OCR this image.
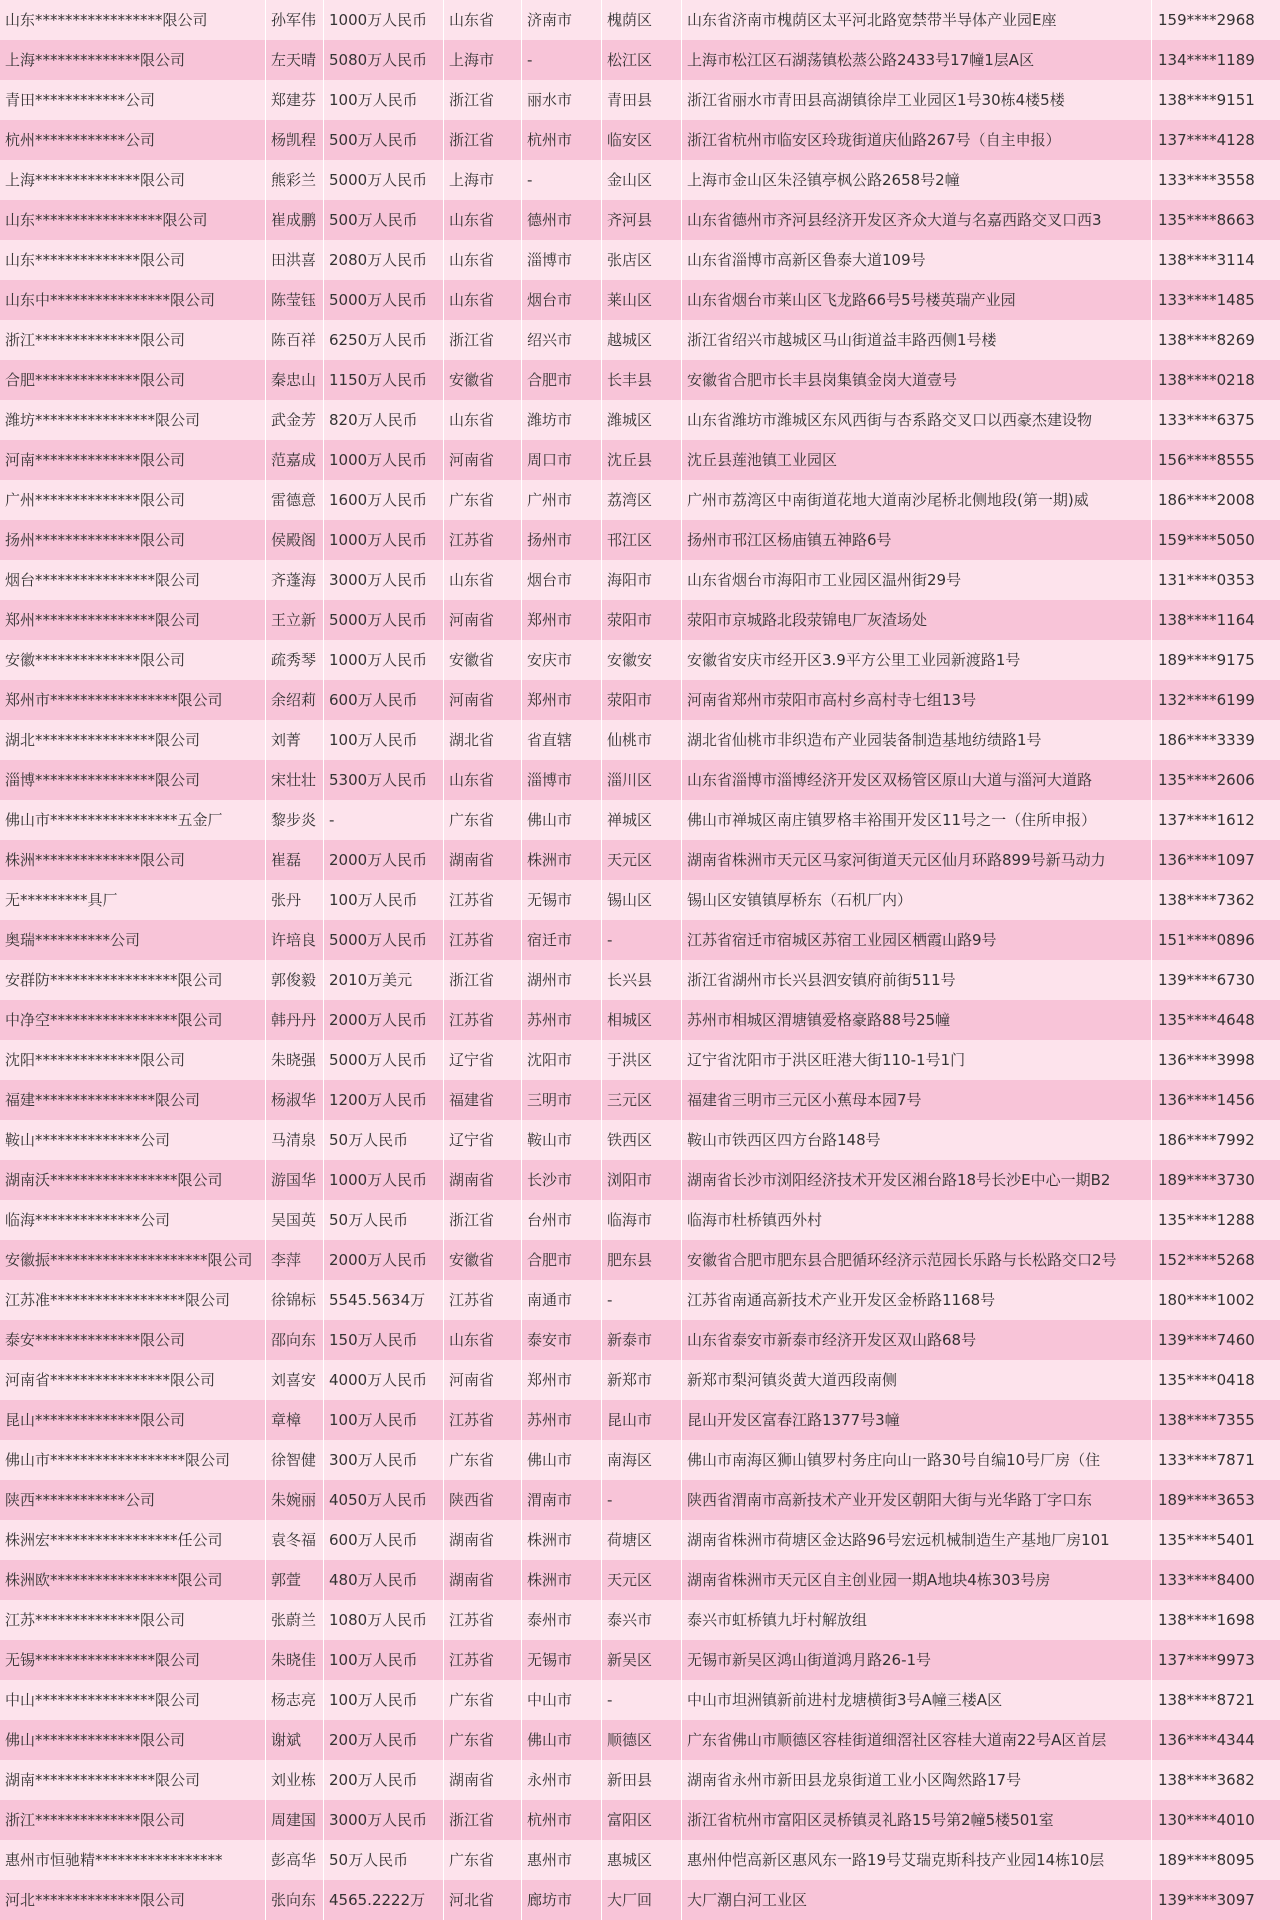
山东*****************限公司	孙军伟 1000万人民币	山东省	济南市	槐荫区	山东省济南市槐荫区太平河北路宽禁带半导体产业园E座	159****2968
上海**************限公司	左天晴 5080万人民币	上海市	-	松江区	上海市松江区石湖荡镇松蒸公路2433号17幢1层A区	134****1189
青田************公司	郑建芬 100万人民币	浙江省	丽水市	青田县	浙江省丽水市青田县高湖镇徐岸工业园区1号30栋4楼5楼	138****9151
杭州************公司	杨凯程 500万人民币	浙江省	杭州市	临安区	浙江省杭州市临安区玲珑街道庆仙路267号（自主申报）	137****4128
上海**************限公司	熊彩兰 5000万人民币	上海市	-	金山区	上海市金山区朱泾镇亭枫公路2658号2幢	133****3558
山东*****************限公司	崔成鹏 500万人民币	山东省	德州市	齐河县	山东省德州市齐河县经济开发区齐众大道与名嘉西路交叉口西3	135****8663
山东**************限公司	田洪喜 2080万人民币	山东省	淄博市	张店区	山东省淄博市高新区鲁泰大道109号	138****3114
山东中****************限公司	陈莹钰 5000万人民币	山东省	烟台市	莱山区	山东省烟台市莱山区飞龙路66号5号楼英瑞产业园	133****1485
浙江**************限公司	陈百祥 6250万人民币	浙江省	绍兴市	越城区	浙江省绍兴市越城区马山街道益丰路西侧1号楼	138****8269
合肥**************限公司	秦忠山 1150万人民币	安徽省	合肥市	长丰县	安徽省合肥市长丰县岗集镇金岗大道壹号	138****0218
潍坊****************限公司	武金芳 820万人民币	山东省	潍坊市	潍城区	山东省潍坊市潍城区东风西街与杏系路交叉口以西豪杰建设物	133****6375
河南**************限公司	范嘉成 1000万人民币	河南省	周口市	沈丘县	沈丘县莲池镇工业园区	156****8555
广州**************限公司	雷德意 1600万人民币	广东省	广州市	荔湾区	广州市荔湾区中南街道花地大道南沙尾桥北侧地段(第一期)威	186****2008
扬州**************限公司	侯殿阁 1000万人民币	江苏省	扬州市	邗江区	扬州市邗江区杨庙镇五神路6号	159****5050
烟台****************限公司	齐蓬海 3000万人民币	山东省	烟台市	海阳市	山东省烟台市海阳市工业园区温州街29号	131****0353
郑州****************限公司	王立新 5000万人民币	河南省	郑州市	荥阳市	荥阳市京城路北段荥锦电厂灰渣场处	138****1164
安徽**************限公司	疏秀琴 1000万人民币	安徽省	安庆市	安徽安	安徽省安庆市经开区3.9平方公里工业园新渡路1号	189****9175
郑州市*****************限公司	余绍莉 600万人民币	河南省	郑州市	荥阳市	河南省郑州市荥阳市高村乡高村寺七组13号	132****6199
湖北****************限公司	刘菁	100万人民币	湖北省	省直辖	仙桃市	湖北省仙桃市非织造布产业园装备制造基地纺绩路1号	186****3339
淄博****************限公司	宋壮壮 5300万人民币	山东省	淄博市	淄川区	山东省淄博市淄博经济开发区双杨管区原山大道与淄河大道路	135****2606
佛山市*****************五金厂	黎步炎 -	广东省	佛山市	禅城区	佛山市禅城区南庄镇罗格丰裕围开发区11号之一（住所申报）	137****1612
株洲**************限公司	崔磊	2000万人民币	湖南省	株洲市	天元区	湖南省株洲市天元区马家河街道天元区仙月环路899号新马动力	136****1097
无*********具厂	张丹	100万人民币	江苏省	无锡市	锡山区	锡山区安镇镇厚桥东（石机厂内）	138****7362
奥瑞**********公司	许培良 5000万人民币	江苏省	宿迁市	-	江苏省宿迁市宿城区苏宿工业园区栖霞山路9号	151****0896
安群防*****************限公司	郭俊毅 2010万美元	浙江省	湖州市	长兴县	浙江省湖州市长兴县泗安镇府前街511号	139****6730
中净空*****************限公司	韩丹丹 2000万人民币	江苏省	苏州市	相城区	苏州市相城区渭塘镇爱格豪路88号25幢	135****4648
沈阳**************限公司	朱晓强 5000万人民币	辽宁省	沈阳市	于洪区	辽宁省沈阳市于洪区旺港大街110-1号1门	136****3998
福建****************限公司	杨淑华 1200万人民币	福建省	三明市	三元区	福建省三明市三元区小蕉母本园7号	136****1456
鞍山**************公司	马清泉 50万人民币	辽宁省	鞍山市	铁西区	鞍山市铁西区四方台路148号	186****7992
湖南沃*****************限公司	游国华 1000万人民币	湖南省	长沙市	浏阳市	湖南省长沙市浏阳经济技术开发区湘台路18号长沙E中心一期B2	189****3730
临海**************公司	吴国英 50万人民币	浙江省	台州市	临海市	临海市杜桥镇西外村	135****1288
安徽振*********************限公司	李萍	2000万人民币	安徽省	合肥市	肥东县	安徽省合肥市肥东县合肥循环经济示范园长乐路与长松路交口2号	152****5268
江苏准******************限公司	徐锦标 5545.5634万	江苏省	南通市	-	江苏省南通高新技术产业开发区金桥路1168号	180****1002
泰安**************限公司	邵向东 150万人民币	山东省	泰安市	新泰市	山东省泰安市新泰市经济开发区双山路68号	139****7460
河南省****************限公司	刘喜安 4000万人民币	河南省	郑州市	新郑市	新郑市梨河镇炎黄大道西段南侧	135****0418
昆山**************限公司	章樟	100万人民币	江苏省	苏州市	昆山市	昆山开发区富春江路1377号3幢	138****7355
佛山市******************限公司	徐智健 300万人民币	广东省	佛山市	南海区	佛山市南海区狮山镇罗村务庄向山一路30号自编10号厂房（住	133****7871
陕西************公司	朱婉丽 4050万人民币	陕西省	渭南市	-	陕西省渭南市高新技术产业开发区朝阳大街与光华路丁字口东	189****3653
株洲宏*****************任公司	袁冬福 600万人民币	湖南省	株洲市	荷塘区	湖南省株洲市荷塘区金达路96号宏远机械制造生产基地厂房101	135****5401
株洲欧*****************限公司	郭萱	480万人民币	湖南省	株洲市	天元区	湖南省株洲市天元区自主创业园一期A地块4栋303号房	133****8400
江苏**************限公司	张蔚兰 1080万人民币	江苏省	泰州市	泰兴市	泰兴市虹桥镇九圩村解放组	138****1698
无锡****************限公司	朱晓佳 100万人民币	江苏省	无锡市	新吴区	无锡市新吴区鸿山街道鸿月路26-1号	137****9973
中山****************限公司	杨志亮 100万人民币	广东省	中山市	-	中山市坦洲镇新前进村龙塘横街3号A幢三楼A区	138****8721
佛山**************限公司	谢斌	200万人民币	广东省	佛山市	顺德区	广东省佛山市顺德区容桂街道细滘社区容桂大道南22号A区首层	136****4344
湖南****************限公司	刘业栋 200万人民币	湖南省	永州市	新田县	湖南省永州市新田县龙泉街道工业小区陶然路17号	138****3682
浙江**************限公司	周建国 3000万人民币	浙江省	杭州市	富阳区	浙江省杭州市富阳区灵桥镇灵礼路15号第2幢5楼501室	130****4010
惠州市恒驰精*****************	彭高华 50万人民币	广东省	惠州市	惠城区	惠州仲恺高新区惠风东一路19号艾瑞克斯科技产业园14栋10层	189****8095
河北**************限公司	张向东 4565.2222万	河北省	廊坊市	大厂回	大厂潮白河工业区	139****3097
